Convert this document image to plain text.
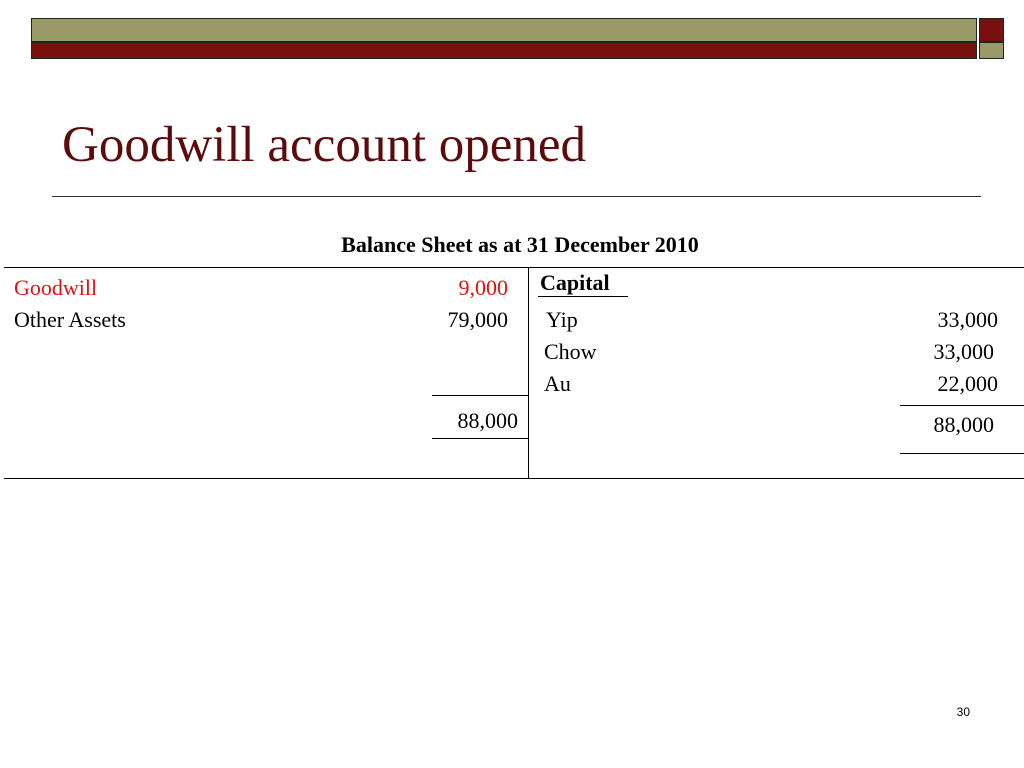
Goodwill account opened
Balance Sheet as at 31 December 2010
Goodwill	9,000
Other Assets	79,000
88,000
Capital
Yip	33,000
Chow	33,000
Au	22,000
88,000
30
